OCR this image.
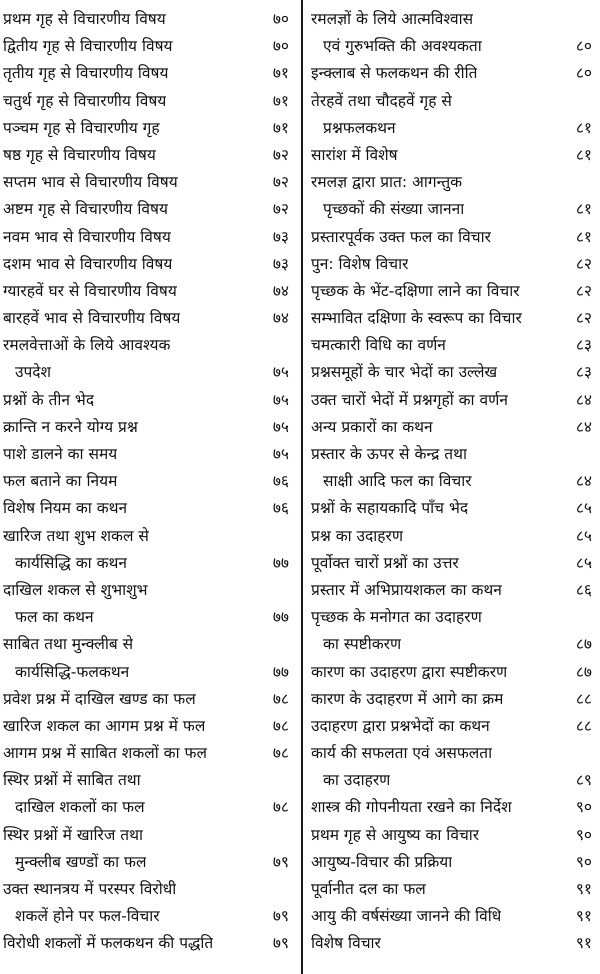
प्रथम गृह से विचारणीय विषय	७०
द्वितीय गृह से विचारणीय विषय	७०
तृतीय गृह से विचारणीय विषय	७१
चतुर्थ गृह से विचारणीय विषय	७१
पञ्चम गृह से विचारणीय गृह	७१
षष्ठ गृह से विचारणीय विषय	७२
सप्तम भाव से विचारणीय विषय	७२
अष्टम गृह से विचारणीय विषय	७२
नवम भाव से विचारणीय विषय	७३
दशम भाव से विचारणीय विषय	७३
ग्यारहवें घर से विचारणीय विषय	७४
बारहवें भाव से विचारणीय विषय	७४
रमलवेत्ताओं के लिये आवश्यक
उपदेश	७५
प्रश्नों के तीन भेद	७५
क्रान्ति न करने योग्य प्रश्न	७५
पाशे डालने का समय	७५
फल बताने का नियम	७६
विशेष नियम का कथन	७६
खारिज तथा शुभ शकल से
कार्यसिद्धि का कथन	७७
दाखिल शकल से शुभाशुभ
फल का कथन	७७
साबित तथा मुन्क्लीब से
कार्यसिद्धि-फलकथन	७७
प्रवेश प्रश्न में दाखिल खण्ड का फल	७८
खारिज शकल का आगम प्रश्न में फल	७८
आगम प्रश्न में साबित शकलों का फल	७८
स्थिर प्रश्नों में साबित तथा
दाखिल शकलों का फल	७८
स्थिर प्रश्नों में खारिज तथा
मुन्क्लीब खण्डों का फल	७९
उक्त स्थानत्रय में परस्पर विरोधी
शकलें होने पर फल-विचार	७९
विरोधी शकलों में फलकथन की पद्धति	७९
रमलज्ञों के लिये आत्मविश्वास
एवं गुरुभक्ति की अवश्यकता	८०
इन्क्लाब से फलकथन की रीति	८०
तेरहवें तथा चौदहवें गृह से
प्रश्नफलकथन	८१
सारांश में विशेष	८१
रमलज्ञ द्वारा प्रात: आगन्तुक
पृच्छकों की संख्या जानना	८१
प्रस्तारपूर्वक उक्त फल का विचार	८१
पुन: विशेष विचार	८२
पृच्छक के भेंट-दक्षिणा लाने का विचार	८२
सम्भावित दक्षिणा के स्वरूप का विचार	८२
चमत्कारी विधि का वर्णन	८३
प्रश्नसमूहों के चार भेदों का उल्लेख	८३
उक्त चारों भेदों में प्रश्नगृहों का वर्णन	८४
अन्य प्रकारों का कथन	८४
प्रस्तार के ऊपर से केन्द्र तथा
साक्षी आदि फल का विचार	८४
प्रश्नों के सहायकादि पाँच भेद	८५
प्रश्न का उदाहरण	८५
पूर्वोक्त चारों प्रश्नों का उत्तर	८५
प्रस्तार में अभिप्रायशकल का कथन	८६
पृच्छक के मनोगत का उदाहरण
का स्पष्टीकरण	८७
कारण का उदाहरण द्वारा स्पष्टीकरण	८७
कारण के उदाहरण में आगे का क्रम	८८
उदाहरण द्वारा प्रश्नभेदों का कथन	८८
कार्य की सफलता एवं असफलता
का उदाहरण	८९
शास्त्र की गोपनीयता रखने का निर्देश	९०
प्रथम गृह से आयुष्य का विचार	९०
आयुष्य-विचार की प्रक्रिया	९०
पूर्वानीत दल का फल	९१
आयु की वर्षसंख्या जानने की विधि	९१
विशेष विचार	९१
